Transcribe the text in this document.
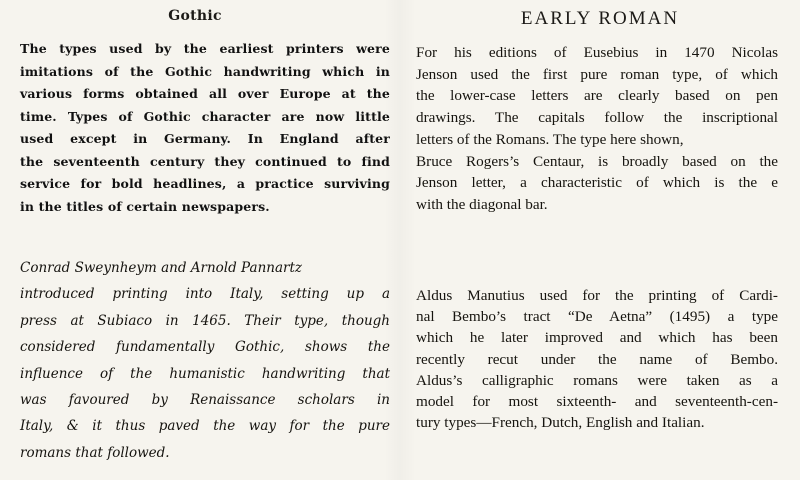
Gothic
The types used by the earliest printers were
imitations of the Gothic handwriting which in
various forms obtained all over Europe at the
time. Types of Gothic character are now little
used except in Germany. In England after
the seventeenth century they continued to find
service for bold headlines, a practice surviving
in the titles of certain newspapers.
Conrad Sweynheym and Arnold Pannartz
introduced printing into Italy, setting up a
press at Subiaco in 1465. Their type, though
considered fundamentally Gothic, shows the
influence of the humanistic handwriting that
was favoured by Renaissance scholars in
Italy, & it thus paved the way for the pure
romans that followed.
EARLY ROMAN
For his editions of Eusebius in 1470 Nicolas
Jenson used the first pure roman type, of which
the lower-case letters are clearly based on pen
drawings. The capitals follow the inscriptional
letters of the Romans. The type here shown,
Bruce Rogers’s Centaur, is broadly based on the
Jenson letter, a characteristic of which is the e
with the diagonal bar.
Aldus Manutius used for the printing of Cardi-
nal Bembo’s tract “De Aetna” (1495) a type
which he later improved and which has been
recently recut under the name of Bembo.
Aldus’s calligraphic romans were taken as a
model for most sixteenth- and seventeenth-cen-
tury types—French, Dutch, English and Italian.
